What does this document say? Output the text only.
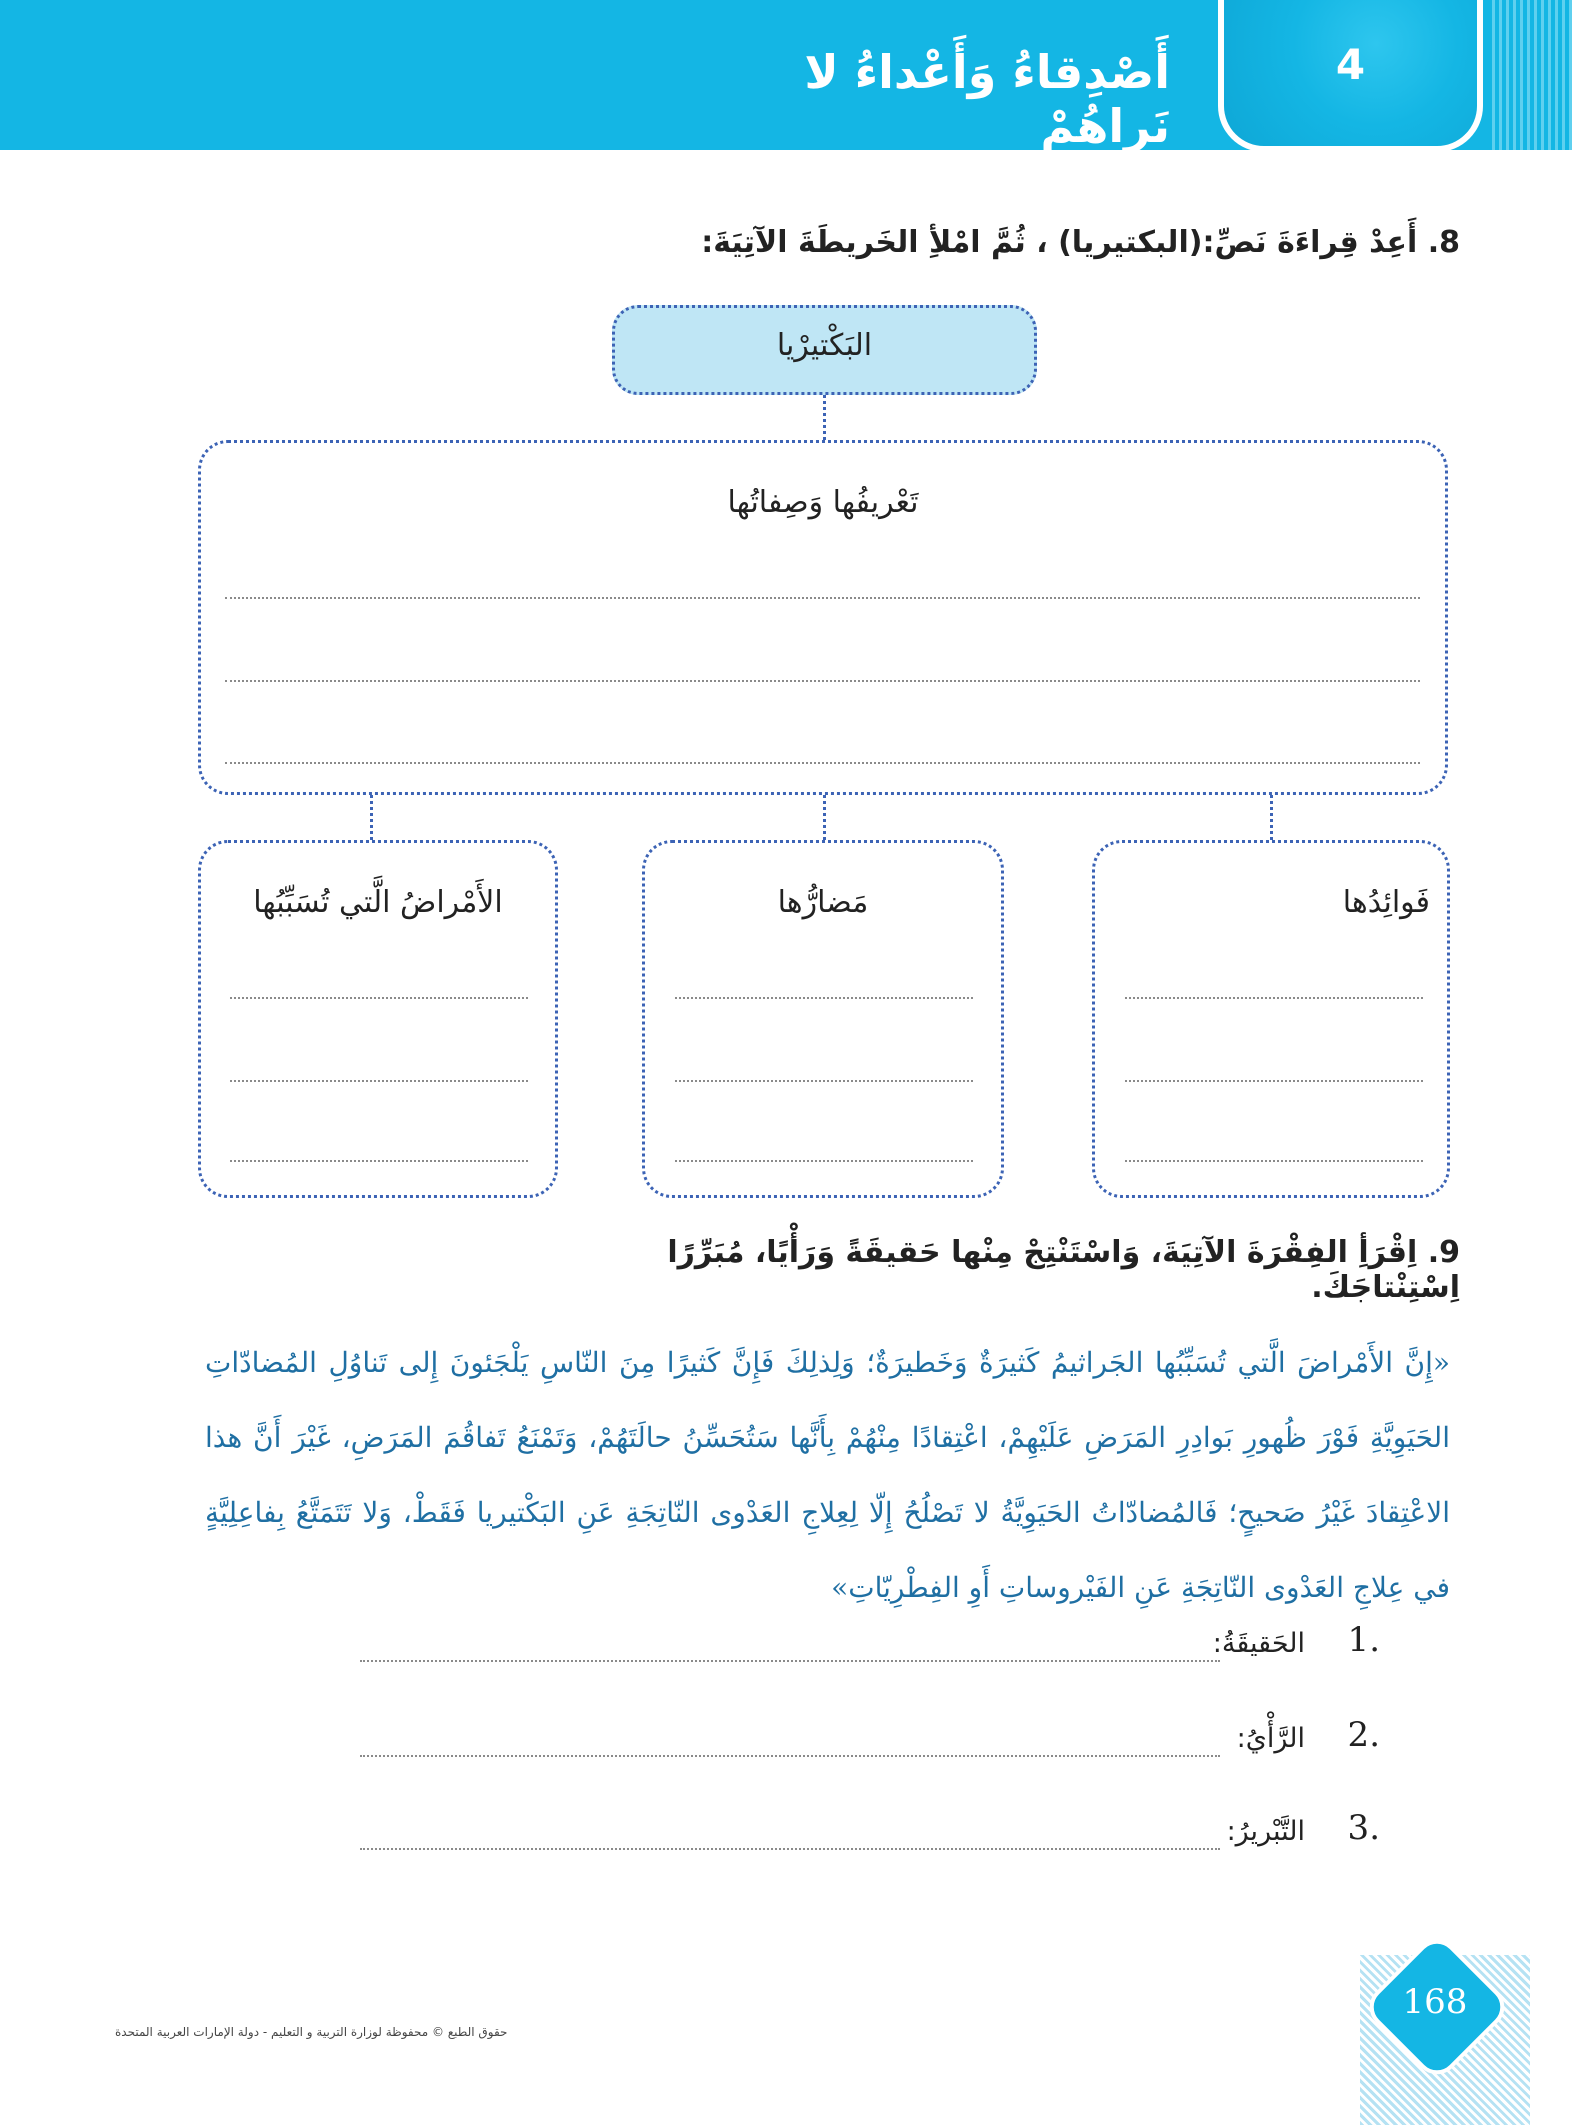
4
أَصْدِقاءُ وَأَعْداءُ لا نَراهُمْ
8. أَعِدْ قِراءَةَ نَصِّ:(البكتيريا) ، ثُمَّ امْلأِ الخَريطَةَ الآتِيَةَ:
البَكْتيرْيا
تَعْريفُها وَصِفاتُها
فَوائِدُها
مَضارُّها
الأَمْراضُ الَّتي تُسَبِّبُها
9. اِقْرَأِ الفِقْرَةَ الآتِيَةَ، وَاسْتَنْتِجْ مِنْها حَقيقَةً وَرَأْيًا، مُبَرِّرًا اِسْتِنْتاجَكَ.
«إِنَّ الأَمْراضَ الَّتي تُسَبِّبُها الجَراثيمُ كَثيرَةٌ وَخَطيرَةٌ؛ وَلِذلِكَ فَإِنَّ كَثيرًا مِنَ النّاسِ يَلْجَئونَ إِلى تَناوُلِ المُضادّاتِ الحَيَوِيَّةِ فَوْرَ ظُهورِ بَوادِرِ المَرَضِ عَلَيْهِمْ، اعْتِقادًا مِنْهُمْ بِأَنَّها سَتُحَسِّنُ حالَتَهُمْ، وَتَمْنَعُ تَفاقُمَ المَرَضِ، غَيْرَ أَنَّ هذا الاعْتِقادَ غَيْرُ صَحيحٍ؛ فَالمُضادّاتُ الحَيَوِيَّةُ لا تَصْلُحُ إِلّا لِعِلاجِ العَدْوى النّاتِجَةِ عَنِ البَكْتيريا فَقَطْ، وَلا تَتَمَتَّعُ بِفاعِلِيَّةٍ في عِلاجِ العَدْوى النّاتِجَةِ عَنِ الفَيْروساتِ أَوِ الفِطْرِيّاتِ»
.1
الحَقيقَةُ:
.2
الرَّأْيُ:
.3
التَّبْريرُ:
حقوق الطبع © محفوظة لوزارة التربية و التعليم - دولة الإمارات العربية المتحدة
168
